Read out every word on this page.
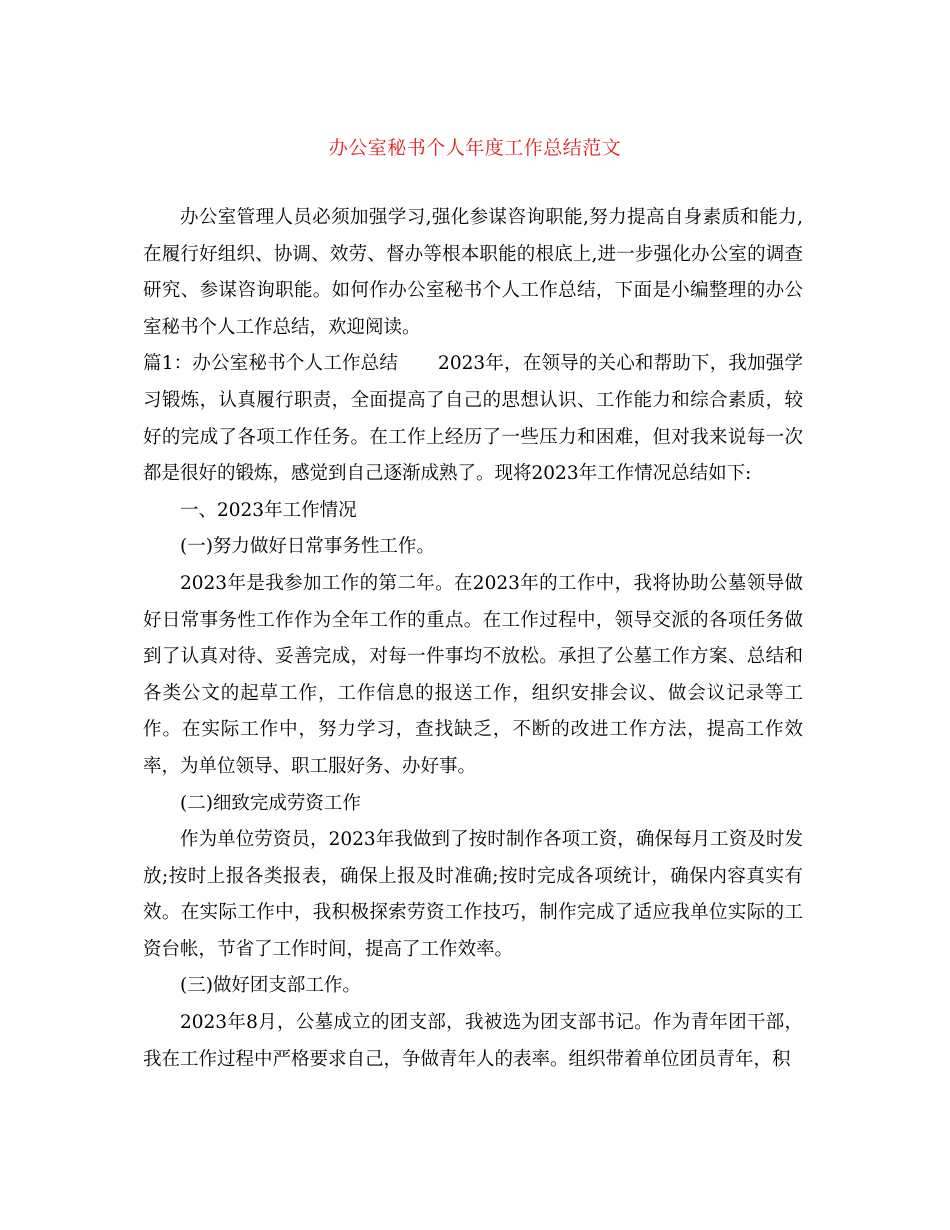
办公室秘书个人年度工作总结范文

办公室管理人员必须加强学习,强化参谋咨询职能,努力提高自身素质和能力,在履行好组织、协调、效劳、督办等根本职能的根底上,进一步强化办公室的调查研究、参谋咨询职能。如何作办公室秘书个人工作总结，下面是小编整理的办公室秘书个人工作总结，欢迎阅读。

篇1：办公室秘书个人工作总结 2023年，在领导的关心和帮助下，我加强学习锻炼，认真履行职责，全面提高了自己的思想认识、工作能力和综合素质，较好的完成了各项工作任务。在工作上经历了一些压力和困难，但对我来说每一次都是很好的锻炼，感觉到自己逐渐成熟了。现将2023年工作情况总结如下:

一、2023年工作情况

(一)努力做好日常事务性工作。

2023年是我参加工作的第二年。在2023年的工作中，我将协助公墓领导做好日常事务性工作作为全年工作的重点。在工作过程中，领导交派的各项任务做到了认真对待、妥善完成，对每一件事均不放松。承担了公墓工作方案、总结和各类公文的起草工作，工作信息的报送工作，组织安排会议、做会议记录等工作。在实际工作中，努力学习，查找缺乏，不断的改进工作方法，提高工作效率，为单位领导、职工服好务、办好事。

(二)细致完成劳资工作

作为单位劳资员，2023年我做到了按时制作各项工资，确保每月工资及时发放;按时上报各类报表，确保上报及时准确;按时完成各项统计，确保内容真实有效。在实际工作中，我积极探索劳资工作技巧，制作完成了适应我单位实际的工资台帐，节省了工作时间，提高了工作效率。

(三)做好团支部工作。

2023年8月，公墓成立的团支部，我被选为团支部书记。作为青年团干部，我在工作过程中严格要求自己，争做青年人的表率。组织带着单位团员青年，积
